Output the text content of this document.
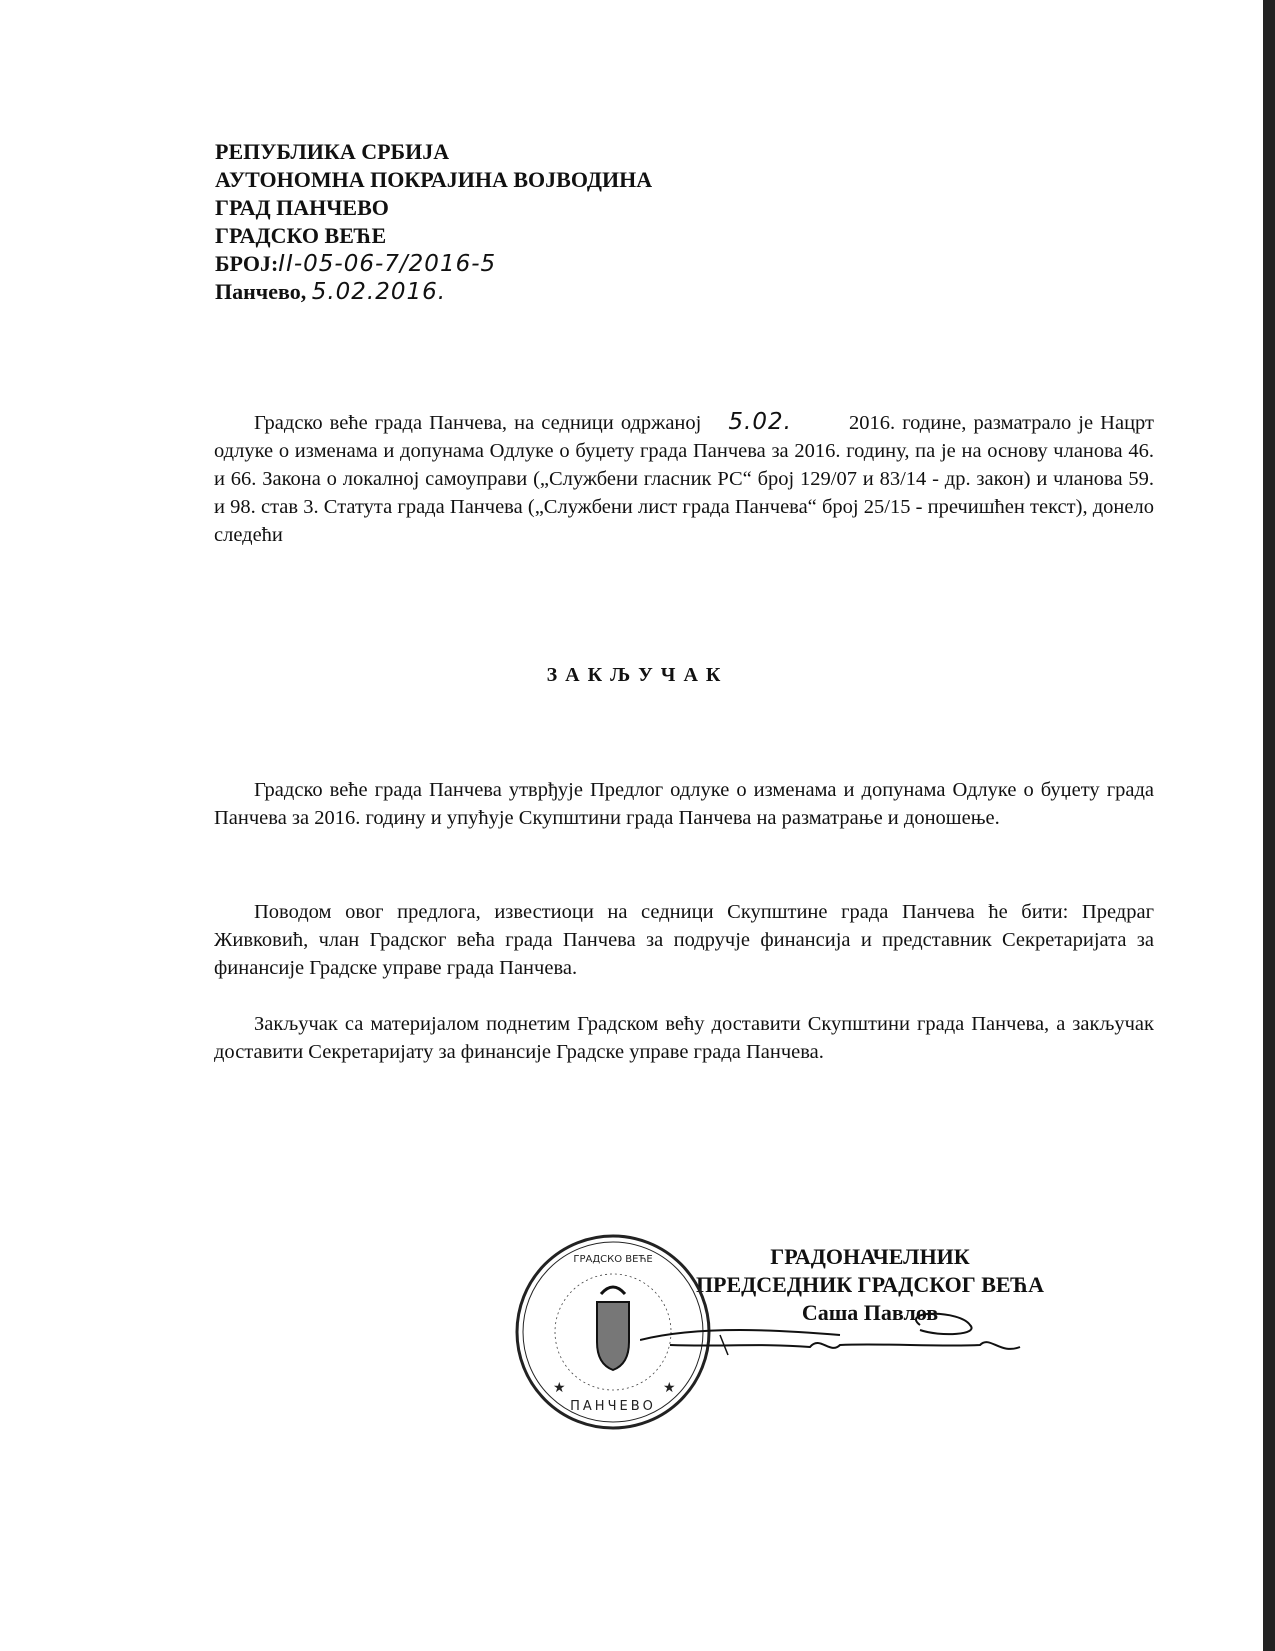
РЕПУБЛИКА СРБИЈА
АУТОНОМНА ПОКРАЈИНА ВОЈВОДИНА
ГРАД ПАНЧЕВО
ГРАДСКО ВЕЋЕ
БРОЈ:II-05-06-7/2016-5
Панчево, 5.02.2016.
Градско веће града Панчева, на седници одржаној 5.02.	2016. године, разматрало је Нацрт одлуке о изменама и допунама Одлуке о буџету града Панчева за 2016. годину, па је на основу чланова 46. и 66. Закона о локалној самоуправи („Службени гласник РС“ број 129/07 и 83/14 - др. закон) и чланова 59. и 98. став 3. Статута града Панчева („Службени лист града Панчева“ број 25/15 - пречишћен текст), донело следећи
ЗАКЉУЧАК
Градско веће града Панчева утврђује Предлог одлуке о изменама и допунама Одлуке о буџету града Панчева за 2016. годину и упућује Скупштини града Панчева на разматрање и доношење.
Поводом овог предлога, известиоци на седници Скупштине града Панчева ће бити: Предраг Живковић, члан Градског већа града Панчева за подручје финансија и представник Секретаријата за финансије Градске управе града Панчева.
Закључак са материјалом поднетим Градском већу доставити Скупштини града Панчева, а закључак доставити Секретаријату за финансије Градске управе града Панчева.
ГРАДОНАЧЕЛНИК
ПРЕДСЕДНИК ГРАДСКОГ ВЕЋА
Саша Павлов
ПАНЧЕВО
ГРАДСКО ВЕЋЕ
★
★
